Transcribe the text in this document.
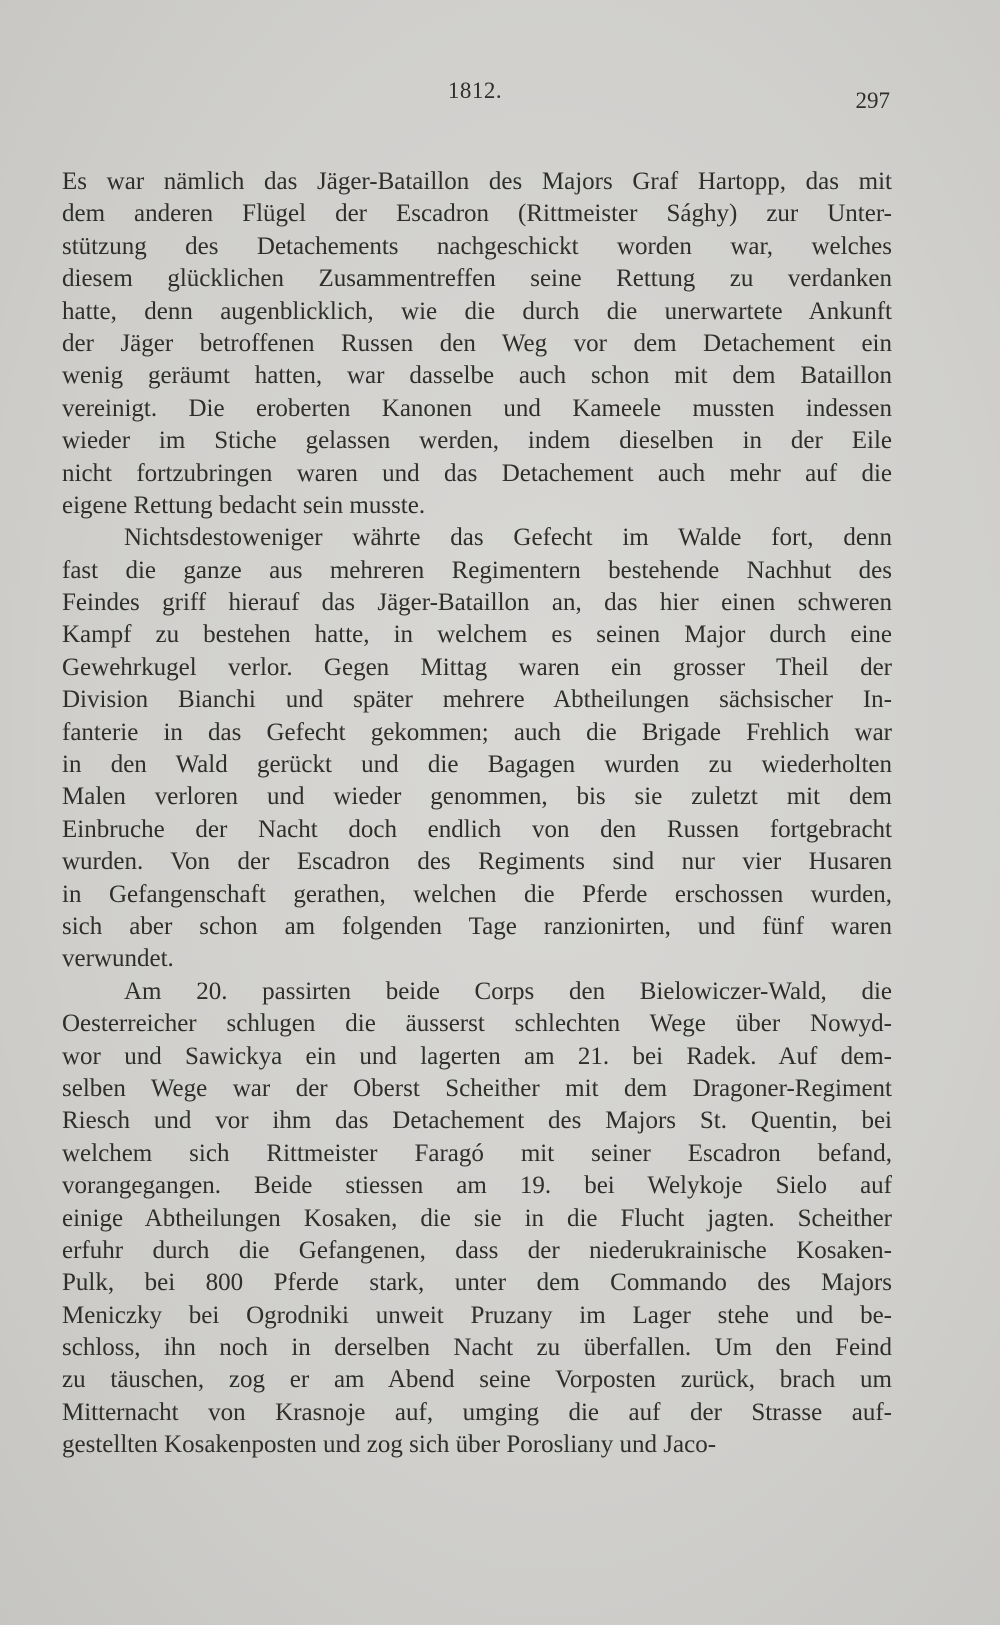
1812.	297
Es war nämlich das Jäger-Bataillon des Majors Graf Hartopp, das mit
dem anderen Flügel der Escadron (Rittmeister Sághy) zur Unter-
stützung des Detachements nachgeschickt worden war, welches
diesem glücklichen Zusammentreffen seine Rettung zu verdanken
hatte, denn augenblicklich, wie die durch die unerwartete Ankunft
der Jäger betroffenen Russen den Weg vor dem Detachement ein
wenig geräumt hatten, war dasselbe auch schon mit dem Bataillon
vereinigt. Die eroberten Kanonen und Kameele mussten indessen
wieder im Stiche gelassen werden, indem dieselben in der Eile
nicht fortzubringen waren und das Detachement auch mehr auf die
eigene Rettung bedacht sein musste.
Nichtsdestoweniger währte das Gefecht im Walde fort, denn
fast die ganze aus mehreren Regimentern bestehende Nachhut des
Feindes griff hierauf das Jäger-Bataillon an, das hier einen schweren
Kampf zu bestehen hatte, in welchem es seinen Major durch eine
Gewehrkugel verlor. Gegen Mittag waren ein grosser Theil der
Division Bianchi und später mehrere Abtheilungen sächsischer In-
fanterie in das Gefecht gekommen; auch die Brigade Frehlich war
in den Wald gerückt und die Bagagen wurden zu wiederholten
Malen verloren und wieder genommen, bis sie zuletzt mit dem
Einbruche der Nacht doch endlich von den Russen fortgebracht
wurden. Von der Escadron des Regiments sind nur vier Husaren
in Gefangenschaft gerathen, welchen die Pferde erschossen wurden,
sich aber schon am folgenden Tage ranzionirten, und fünf waren
verwundet.
Am 20. passirten beide Corps den Bielowiczer-Wald, die
Oesterreicher schlugen die äusserst schlechten Wege über Nowyd-
wor und Sawickya ein und lagerten am 21. bei Radek. Auf dem-
selben Wege war der Oberst Scheither mit dem Dragoner-Regiment
Riesch und vor ihm das Detachement des Majors St. Quentin, bei
welchem sich Rittmeister Faragó mit seiner Escadron befand,
vorangegangen. Beide stiessen am 19. bei Welykoje Sielo auf
einige Abtheilungen Kosaken, die sie in die Flucht jagten. Scheither
erfuhr durch die Gefangenen, dass der niederukrainische Kosaken-
Pulk, bei 800 Pferde stark, unter dem Commando des Majors
Meniczky bei Ogrodniki unweit Pruzany im Lager stehe und be-
schloss, ihn noch in derselben Nacht zu überfallen. Um den Feind
zu täuschen, zog er am Abend seine Vorposten zurück, brach um
Mitternacht von Krasnoje auf, umging die auf der Strasse auf-
gestellten Kosakenposten und zog sich über Porosliany und Jaco-
